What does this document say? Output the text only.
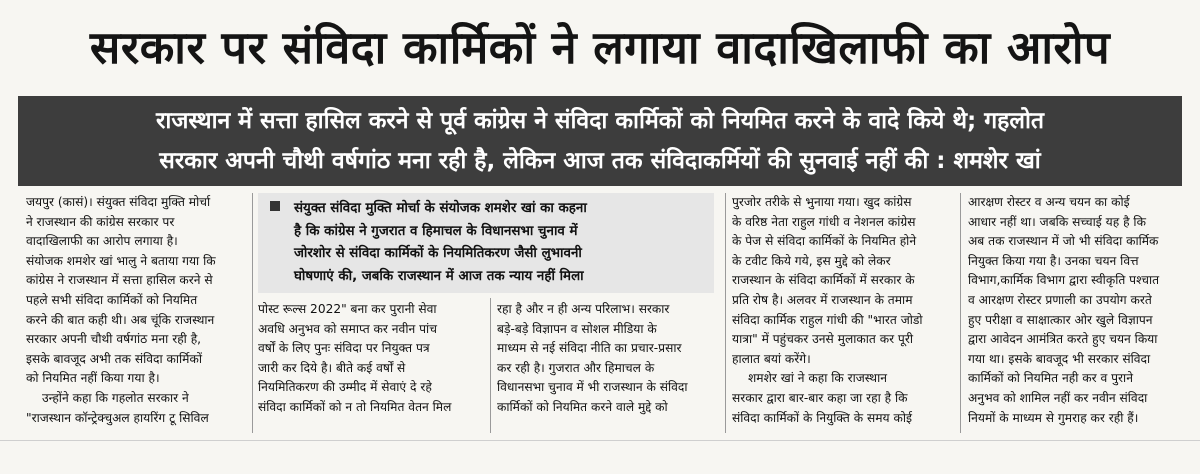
सरकार पर संविदा कार्मिकों ने लगाया वादाखिलाफी का आरोप
राजस्थान में सत्ता हासिल करने से पूर्व कांग्रेस ने संविदा कार्मिकों को नियमित करने के वादे किये थे; गहलोत
सरकार अपनी चौथी वर्षगांठ मना रही है, लेकिन आज तक संविदाकर्मियों की सुनवाई नहीं की : शमशेर खां

जयपुर (कासं)। संयुक्त संविदा मुक्ति मोर्चा

ने राजस्थान की कांग्रेस सरकार पर

वादाखिलाफी का आरोप लगाया है।

संयोजक शमशेर खां भालु ने बताया गया कि

कांग्रेस ने राजस्थान में सत्ता हासिल करने से

पहले सभी संविदा कार्मिकों को नियमित

करने की बात कही थी। अब चूंकि राजस्थान

सरकार अपनी चौथी वर्षगांठ मना रही है,

इसके बावजूद अभी तक संविदा कार्मिकों

को नियमित नहीं किया गया है।

उन्होंने कहा कि गहलोत सरकार ने

"राजस्थान कॉन्ट्रेक्चुअल हायरिंग टू सिविल

संयुक्त संविदा मुक्ति मोर्चा के संयोजक शमशेर खां का कहना
है कि कांग्रेस ने गुजरात व हिमाचल के विधानसभा चुनाव में
जोरशोर से संविदा कार्मिकों के नियमितिकरण जैसी लुभावनी
घोषणाएं की, जबकि राजस्थान में आज तक न्याय नहीं मिला

पोस्ट रूल्स 2022" बना कर पुरानी सेवा

अवधि अनुभव को समाप्त कर नवीन पांच

वर्षों के लिए पुनः संविदा पर नियुक्त पत्र

जारी कर दिये है। बीते कई वर्षों से

नियमितिकरण की उम्मीद में सेवाएं दे रहे

संविदा कार्मिकों को न तो नियमित वेतन मिल

रहा है और न ही अन्य परिलाभ। सरकार

बड़े-बड़े विज्ञापन व सोशल मीडिया के

माध्यम से नई संविदा नीति का प्रचार-प्रसार

कर रही है। गुजरात और हिमाचल के

विधानसभा चुनाव में भी राजस्थान के संविदा

कार्मिकों को नियमित करने वाले मुद्दे को

पुरजोर तरीके से भुनाया गया। खुद कांग्रेस

के वरिष्ठ नेता राहुल गांधी व नेशनल कांग्रेस

के पेज से संविदा कार्मिकों के नियमित होने

के टवीट किये गये, इस मुद्दे को लेकर

राजस्थान के संविदा कार्मिकों में सरकार के

प्रति रोष है। अलवर में राजस्थान के तमाम

संविदा कार्मिक राहुल गांधी की "भारत जोडो

यात्रा" में पहुंचकर उनसे मुलाकात कर पूरी

हालात बयां करेंगे।

शमशेर खां ने कहा कि राजस्थान

सरकार द्वारा बार-बार कहा जा रहा है कि

संविदा कार्मिकों के नियुक्ति के समय कोई

आरक्षण रोस्टर व अन्य चयन का कोई

आधार नहीं था। जबकि सच्चाई यह है कि

अब तक राजस्थान में जो भी संविदा कार्मिक

नियुक्त किया गया है। उनका चयन वित्त

विभाग,कार्मिक विभाग द्वारा स्वीकृति पश्चात

व आरक्षण रोस्टर प्रणाली का उपयोग करते

हुए परीक्षा व साक्षात्कार ओर खुले विज्ञापन

द्वारा आवेदन आमंत्रित करते हुए चयन किया

गया था। इसके बावजूद भी सरकार संविदा

कार्मिकों को नियमित नही कर व पुराने

अनुभव को शामिल नहीं कर नवीन संविदा

नियमों के माध्यम से गुमराह कर रही हैं।
